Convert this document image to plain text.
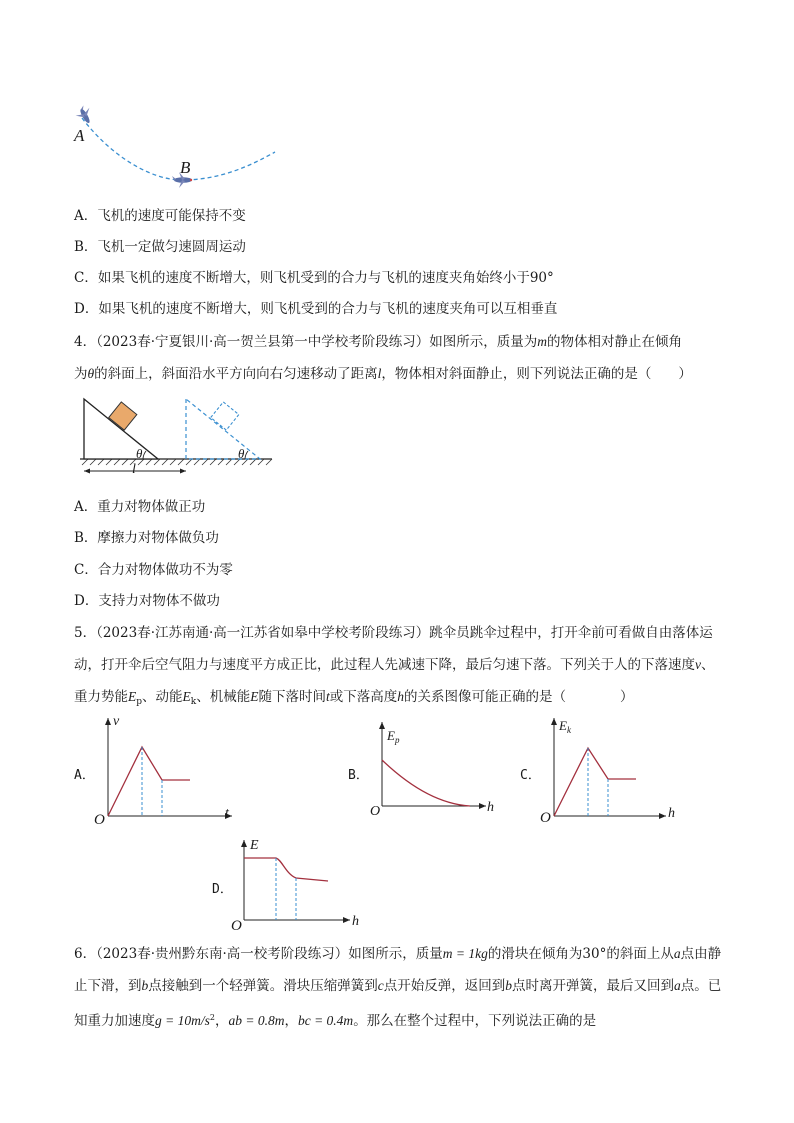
A
B
A．飞机的速度可能保持不变
B．飞机一定做匀速圆周运动
C．如果飞机的速度不断增大，则飞机受到的合力与飞机的速度夹角始终小于90°
D．如果飞机的速度不断增大，则飞机受到的合力与飞机的速度夹角可以互相垂直
4．（2023春·宁夏银川·高一贺兰县第一中学校考阶段练习）如图所示，质量为m的物体相对静止在倾角
为θ的斜面上，斜面沿水平方向向右匀速移动了距离l，物体相对斜面静止，则下列说法正确的是（　　）
θ	θ
l
A．重力对物体做正功
B．摩擦力对物体做负功
C．合力对物体做功不为零
D．支持力对物体不做功
5．（2023春·江苏南通·高一江苏省如皋中学校考阶段练习）跳伞员跳伞过程中，打开伞前可看做自由落体运动，打开伞后空气阻力与速度平方成正比，此过程人先减速下降，最后匀速下落。下列关于人的下落速度v、重力势能$E_p$、动能$E_k$、机械能E随下落时间t或下落高度h的关系图像可能正确的是（　　　　）
A．
v
t
O
B．
$E_p$
h
O
C．
$E_k$
h
O
D．
E
h
O
6．（2023春·贵州黔东南·高一校考阶段练习）如图所示，质量m = 1kg的滑块在倾角为30°的斜面上从a点由静止下滑，到b点接触到一个轻弹簧。滑块压缩弹簧到c点开始反弹，返回到b点时离开弹簧，最后又回到a点。已知重力加速度$g = 10m/s^2$，ab = 0.8m，bc = 0.4m。那么在整个过程中，下列说法正确的是
